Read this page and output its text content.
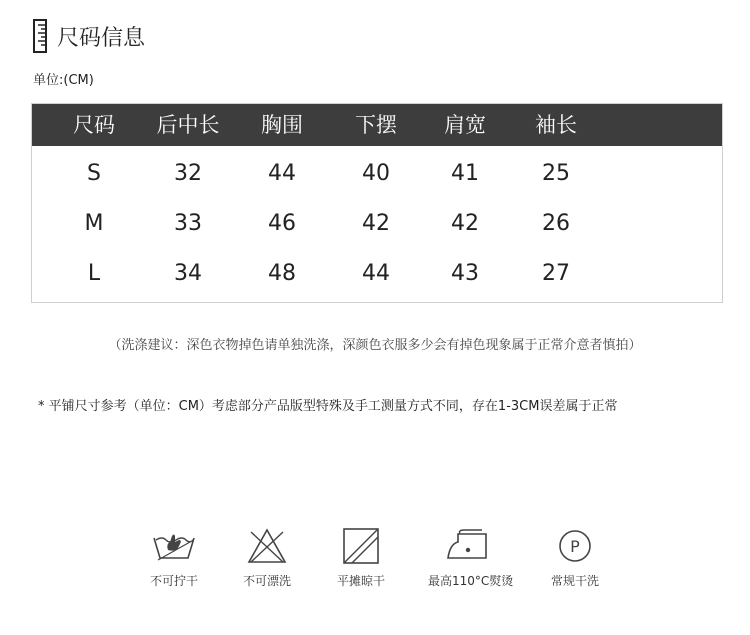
尺码信息
单位:(CM)
尺码 后中长 胸围 下摆 肩宽 袖长
S	32	44	40	41	25
M	33	46	42	42	26
L	34	48	44	43	27
（洗涤建议：深色衣物掉色请单独洗涤，深颜色衣服多少会有掉色现象属于正常介意者慎拍）
* 平铺尺寸参考（单位：CM）考虑部分产品版型特殊及手工测量方式不同，存在1-3CM误差属于正常
不可拧干	不可漂洗	平摊晾干	最高110°C熨烫
P
常规干洗
